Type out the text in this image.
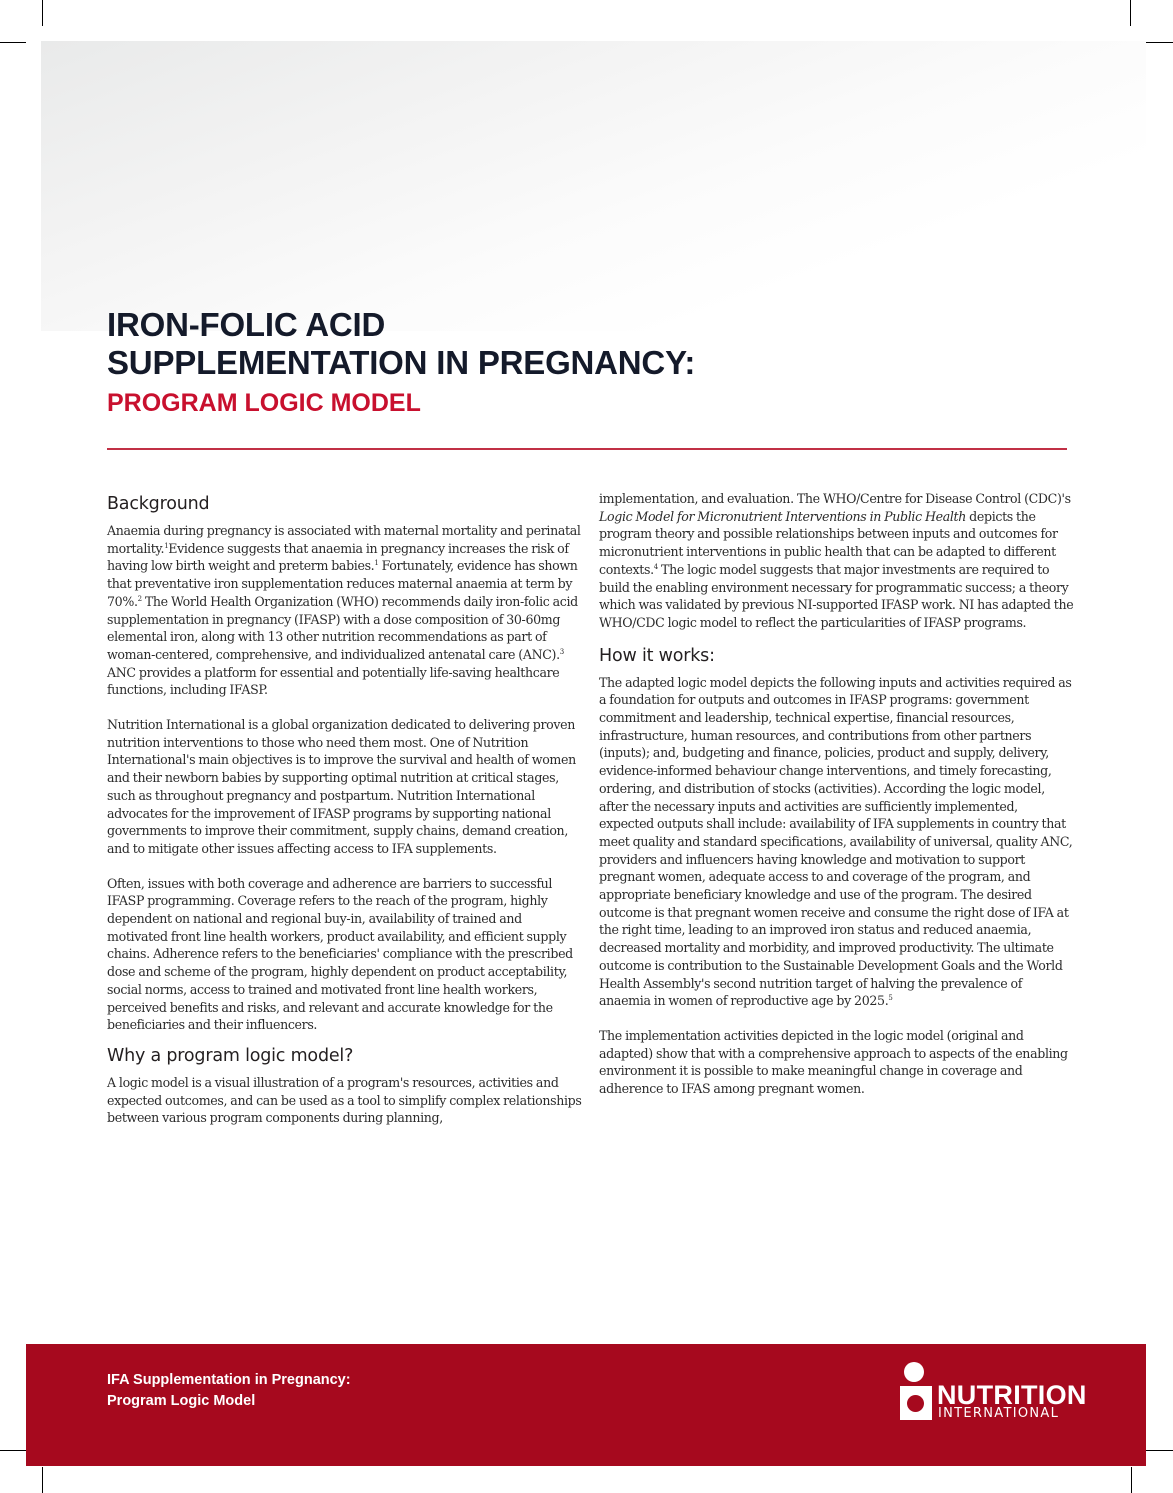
IRON-FOLIC ACID
SUPPLEMENTATION IN PREGNANCY:
PROGRAM LOGIC MODEL
Background

Anaemia during pregnancy is associated with maternal mortality and perinatal mortality.$^1$Evidence suggests that anaemia in pregnancy increases the risk of having low birth weight and preterm babies.$^1$ Fortunately, evidence has shown that preventative iron supplementation reduces maternal anaemia at term by 70%.$^2$ The World Health Organization (WHO) recommends daily iron-folic acid supplementation in pregnancy (IFASP) with a dose composition of 30-60mg elemental iron, along with 13 other nutrition recommendations as part of woman-centered, comprehensive, and individualized antenatal care (ANC).$^3$ ANC provides a platform for essential and potentially life-saving healthcare functions, including IFASP.

Nutrition International is a global organization dedicated to delivering proven nutrition interventions to those who need them most. One of Nutrition International's main objectives is to improve the survival and health of women and their newborn babies by supporting optimal nutrition at critical stages, such as throughout pregnancy and postpartum. Nutrition International advocates for the improvement of IFASP programs by supporting national governments to improve their commitment, supply chains, demand creation, and to mitigate other issues affecting access to IFA supplements.

Often, issues with both coverage and adherence are barriers to successful IFASP programming. Coverage refers to the reach of the program, highly dependent on national and regional buy-in, availability of trained and motivated front line health workers, product availability, and efficient supply chains. Adherence refers to the beneficiaries' compliance with the prescribed dose and scheme of the program, highly dependent on product acceptability, social norms, access to trained and motivated front line health workers, perceived benefits and risks, and relevant and accurate knowledge for the beneficiaries and their influencers.

Why a program logic model?

A logic model is a visual illustration of a program's resources, activities and expected outcomes, and can be used as a tool to simplify complex relationships between various program components during planning,

implementation, and evaluation. The WHO/Centre for Disease Control (CDC)'s Logic Model for Micronutrient Interventions in Public Health depicts the program theory and possible relationships between inputs and outcomes for micronutrient interventions in public health that can be adapted to different contexts.$^4$ The logic model suggests that major investments are required to build the enabling environment necessary for programmatic success; a theory which was validated by previous NI-supported IFASP work. NI has adapted the WHO/CDC logic model to reflect the particularities of IFASP programs.

How it works:

The adapted logic model depicts the following inputs and activities required as a foundation for outputs and outcomes in IFASP programs: government commitment and leadership, technical expertise, financial resources, infrastructure, human resources, and contributions from other partners (inputs); and, budgeting and finance, policies, product and supply, delivery, evidence-informed behaviour change interventions, and timely forecasting, ordering, and distribution of stocks (activities). According the logic model, after the necessary inputs and activities are sufficiently implemented, expected outputs shall include: availability of IFA supplements in country that meet quality and standard specifications, availability of universal, quality ANC, providers and influencers having knowledge and motivation to support pregnant women, adequate access to and coverage of the program, and appropriate beneficiary knowledge and use of the program. The desired outcome is that pregnant women receive and consume the right dose of IFA at the right time, leading to an improved iron status and reduced anaemia, decreased mortality and morbidity, and improved productivity. The ultimate outcome is contribution to the Sustainable Development Goals and the World Health Assembly's second nutrition target of halving the prevalence of anaemia in women of reproductive age by 2025.$^5$

The implementation activities depicted in the logic model (original and adapted) show that with a comprehensive approach to aspects of the enabling environment it is possible to make meaningful change in coverage and adherence to IFAS among pregnant women.

IFA Supplementation in Pregnancy:
Program Logic Model	NUTRITION
INTERNATIONAL
